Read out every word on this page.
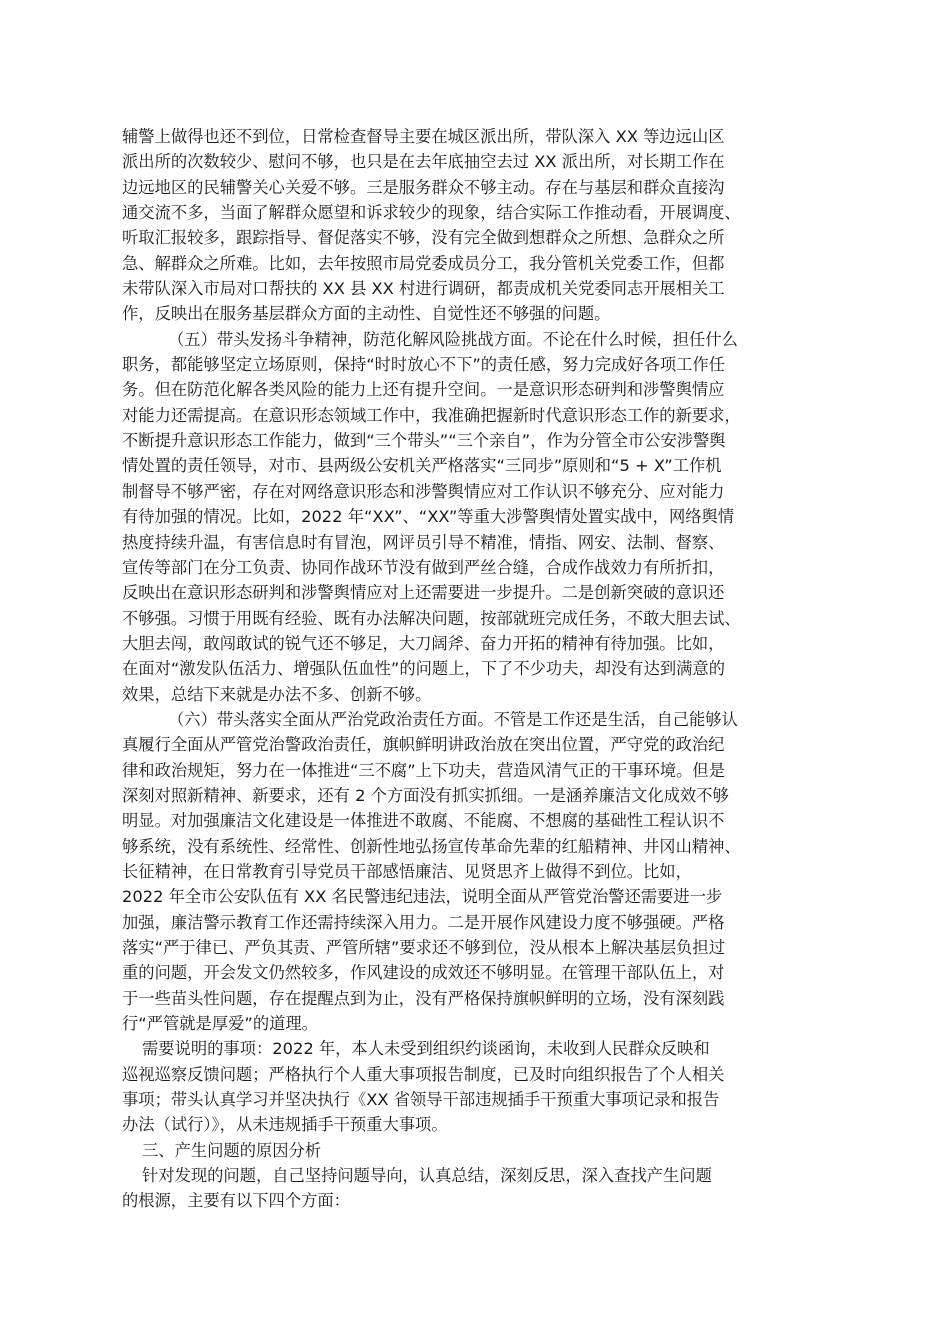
辅警上做得也还不到位，日常检查督导主要在城区派出所，带队深入 XX 等边远山区
派出所的次数较少、慰问不够，也只是在去年底抽空去过 XX 派出所，对长期工作在
边远地区的民辅警关心关爱不够。三是服务群众不够主动。存在与基层和群众直接沟
通交流不多，当面了解群众愿望和诉求较少的现象，结合实际工作推动看，开展调度、
听取汇报较多，跟踪指导、督促落实不够，没有完全做到想群众之所想、急群众之所
急、解群众之所难。比如，去年按照市局党委成员分工，我分管机关党委工作，但都
未带队深入市局对口帮扶的 XX 县 XX 村进行调研，都责成机关党委同志开展相关工
作，反映出在服务基层群众方面的主动性、自觉性还不够强的问题。
（五）带头发扬斗争精神，防范化解风险挑战方面。不论在什么时候，担任什么
职务，都能够坚定立场原则，保持“时时放心不下”的责任感，努力完成好各项工作任
务。但在防范化解各类风险的能力上还有提升空间。一是意识形态研判和涉警舆情应
对能力还需提高。在意识形态领域工作中，我准确把握新时代意识形态工作的新要求，
不断提升意识形态工作能力，做到“三个带头”“三个亲自”，作为分管全市公安涉警舆
情处置的责任领导，对市、县两级公安机关严格落实“三同步”原则和“5 + X”工作机
制督导不够严密，存在对网络意识形态和涉警舆情应对工作认识不够充分、应对能力
有待加强的情况。比如，2022 年“XX”、“XX”等重大涉警舆情处置实战中，网络舆情
热度持续升温，有害信息时有冒泡，网评员引导不精准，情指、网安、法制、督察、
宣传等部门在分工负责、协同作战环节没有做到严丝合缝，合成作战效力有所折扣，
反映出在意识形态研判和涉警舆情应对上还需要进一步提升。二是创新突破的意识还
不够强。习惯于用既有经验、既有办法解决问题，按部就班完成任务，不敢大胆去试、
大胆去闯，敢闯敢试的锐气还不够足，大刀阔斧、奋力开拓的精神有待加强。比如，
在面对“激发队伍活力、增强队伍血性”的问题上，下了不少功夫，却没有达到满意的
效果，总结下来就是办法不多、创新不够。
（六）带头落实全面从严治党政治责任方面。不管是工作还是生活，自己能够认
真履行全面从严管党治警政治责任，旗帜鲜明讲政治放在突出位置，严守党的政治纪
律和政治规矩，努力在一体推进“三不腐”上下功夫，营造风清气正的干事环境。但是
深刻对照新精神、新要求，还有 2 个方面没有抓实抓细。一是涵养廉洁文化成效不够
明显。对加强廉洁文化建设是一体推进不敢腐、不能腐、不想腐的基础性工程认识不
够系统，没有系统性、经常性、创新性地弘扬宣传革命先辈的红船精神、井冈山精神、
长征精神，在日常教育引导党员干部感悟廉洁、见贤思齐上做得不到位。比如，
2022 年全市公安队伍有 XX 名民警违纪违法，说明全面从严管党治警还需要进一步
加强，廉洁警示教育工作还需持续深入用力。二是开展作风建设力度不够强硬。严格
落实“严于律已、严负其责、严管所辖”要求还不够到位，没从根本上解决基层负担过
重的问题，开会发文仍然较多，作风建设的成效还不够明显。在管理干部队伍上，对
于一些苗头性问题，存在提醒点到为止，没有严格保持旗帜鲜明的立场，没有深刻践
行“严管就是厚爱”的道理。
需要说明的事项：2022 年，本人未受到组织约谈函询，未收到人民群众反映和
巡视巡察反馈问题；严格执行个人重大事项报告制度，已及时向组织报告了个人相关
事项；带头认真学习并坚决执行《XX 省领导干部违规插手干预重大事项记录和报告
办法（试行）》，从未违规插手干预重大事项。
三、产生问题的原因分析
针对发现的问题，自己坚持问题导向，认真总结，深刻反思，深入查找产生问题
的根源，主要有以下四个方面：
